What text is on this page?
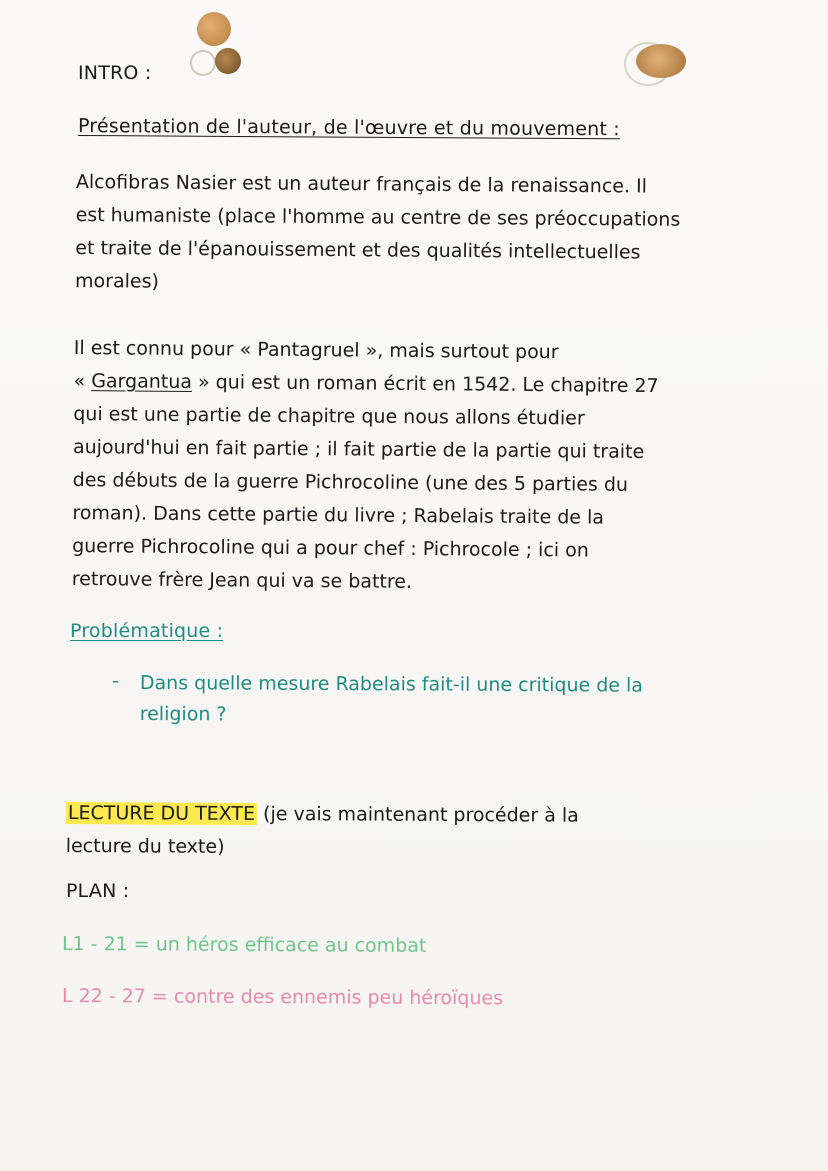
INTRO :

Présentation de l'auteur, de l'œuvre et du mouvement :

Alcofibras Nasier est un auteur français de la renaissance. Il
est humaniste (place l'homme au centre de ses préoccupations
et traite de l'épanouissement et des qualités intellectuelles
morales)
Il est connu pour « Pantagruel », mais surtout pour
« Gargantua » qui est un roman écrit en 1542. Le chapitre 27
qui est une partie de chapitre que nous allons étudier
aujourd'hui en fait partie ; il fait partie de la partie qui traite
des débuts de la guerre Pichrocoline (une des 5 parties du
roman). Dans cette partie du livre ; Rabelais traite de la
guerre Pichrocoline qui a pour chef : Pichrocole ; ici on
retrouve frère Jean qui va se battre.

Problématique :

- Dans quelle mesure Rabelais fait-il une critique de la
religion ?
LECTURE DU TEXTE (je vais maintenant procéder à la
lecture du texte)

PLAN :

L1 - 21 = un héros efficace au combat

L 22 - 27 = contre des ennemis peu héroïques
